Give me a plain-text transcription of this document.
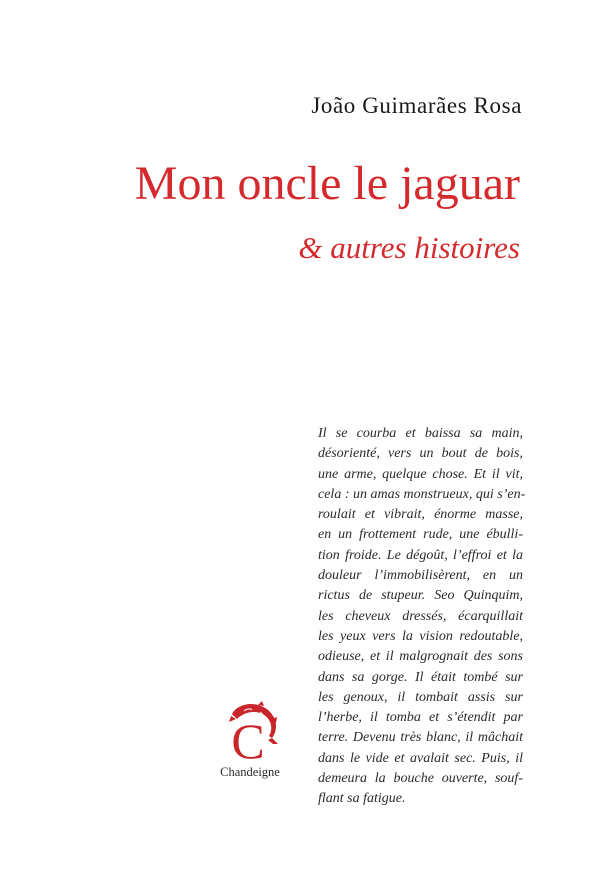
João Guimarães Rosa
Mon oncle le jaguar
& autres histoires
Il se courba et baissa sa main,
désorienté, vers un bout de bois,
une arme, quelque chose. Et il vit,
cela : un amas monstrueux, qui s’en-
roulait et vibrait, énorme masse,
en un frottement rude, une ébulli-
tion froide. Le dégoût, l’effroi et la
douleur l’immobilisèrent, en un
rictus de stupeur. Seo Quinquim,
les cheveux dressés, écarquillait
les yeux vers la vision redoutable,
odieuse, et il malgrognait des sons
dans sa gorge. Il était tombé sur
les genoux, il tombait assis sur
l’herbe, il tomba et s’étendit par
terre. Devenu très blanc, il mâchait
dans le vide et avalait sec. Puis, il
demeura la bouche ouverte, souf-
flant sa fatigue.
C
Chandeigne
